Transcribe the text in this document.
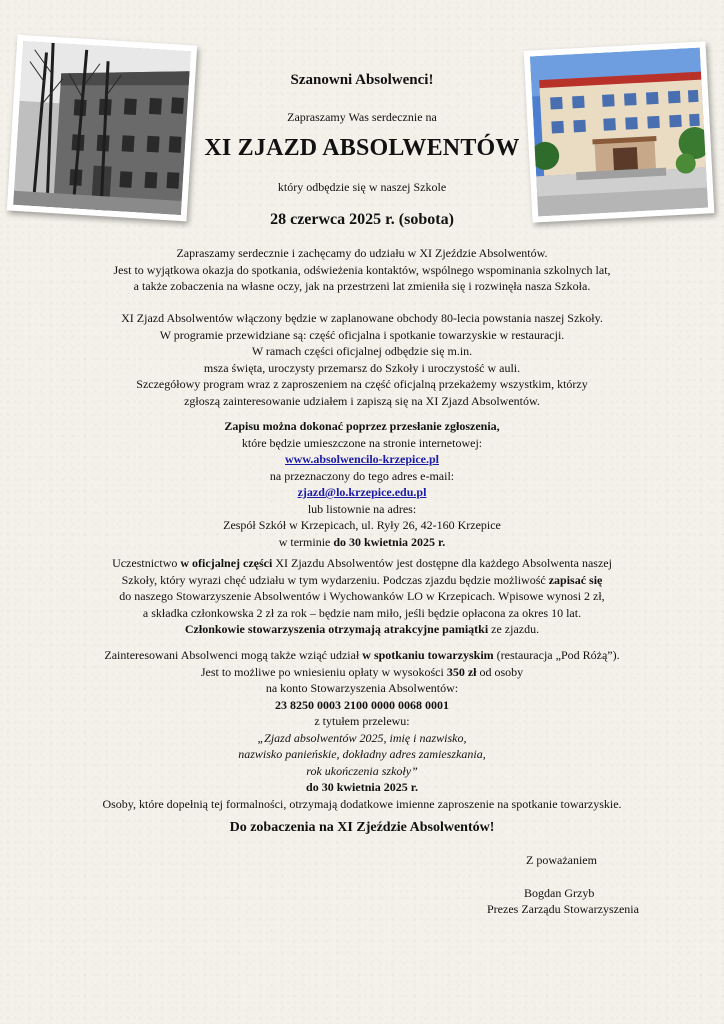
Szanowni Absolwenci!
Zapraszamy Was serdecznie na
XI ZJAZD ABSOLWENTÓW
który odbędzie się w naszej Szkole
28 czerwca 2025 r. (sobota)
Zapraszamy serdecznie i zachęcamy do udziału w XI Zjeździe Absolwentów.
Jest to wyjątkowa okazja do spotkania, odświeżenia kontaktów, wspólnego wspominania szkolnych lat,
a także zobaczenia na własne oczy, jak na przestrzeni lat zmieniła się i rozwinęła nasza Szkoła.
XI Zjazd Absolwentów włączony będzie w zaplanowane obchody 80-lecia powstania naszej Szkoły.
W programie przewidziane są: część oficjalna i spotkanie towarzyskie w restauracji.
W ramach części oficjalnej odbędzie się m.in.
msza święta, uroczysty przemarsz do Szkoły i uroczystość w auli.
Szczegółowy program wraz z zaproszeniem na część oficjalną przekażemy wszystkim, którzy
zgłoszą zainteresowanie udziałem i zapiszą się na XI Zjazd Absolwentów.
Zapisu można dokonać poprzez przesłanie zgłoszenia,
które będzie umieszczone na stronie internetowej:
www.absolwencilo-krzepice.pl
na przeznaczony do tego adres e-mail:
zjazd@lo.krzepice.edu.pl
lub listownie na adres:
Zespół Szkół w Krzepicach, ul. Ryły 26, 42-160 Krzepice
w terminie do 30 kwietnia 2025 r.
Uczestnictwo w oficjalnej części XI Zjazdu Absolwentów jest dostępne dla każdego Absolwenta naszej
Szkoły, który wyrazi chęć udziału w tym wydarzeniu. Podczas zjazdu będzie możliwość zapisać się
do naszego Stowarzyszenie Absolwentów i Wychowanków LO w Krzepicach. Wpisowe wynosi 2 zł,
a składka członkowska 2 zł za rok – będzie nam miło, jeśli będzie opłacona za okres 10 lat.
Członkowie stowarzyszenia otrzymają atrakcyjne pamiątki ze zjazdu.
Zainteresowani Absolwenci mogą także wziąć udział w spotkaniu towarzyskim (restauracja „Pod Różą”).
Jest to możliwe po wniesieniu opłaty w wysokości 350 zł od osoby
na konto Stowarzyszenia Absolwentów:
23 8250 0003 2100 0000 0068 0001
z tytułem przelewu:
„Zjazd absolwentów 2025, imię i nazwisko,
nazwisko panieńskie, dokładny adres zamieszkania,
rok ukończenia szkoły”
do 30 kwietnia 2025 r.
Osoby, które dopełnią tej formalności, otrzymają dodatkowe imienne zaproszenie na spotkanie towarzyskie.
Do zobaczenia na XI Zjeździe Absolwentów!
Z poważaniem
Bogdan Grzyb
Prezes Zarządu Stowarzyszenia
